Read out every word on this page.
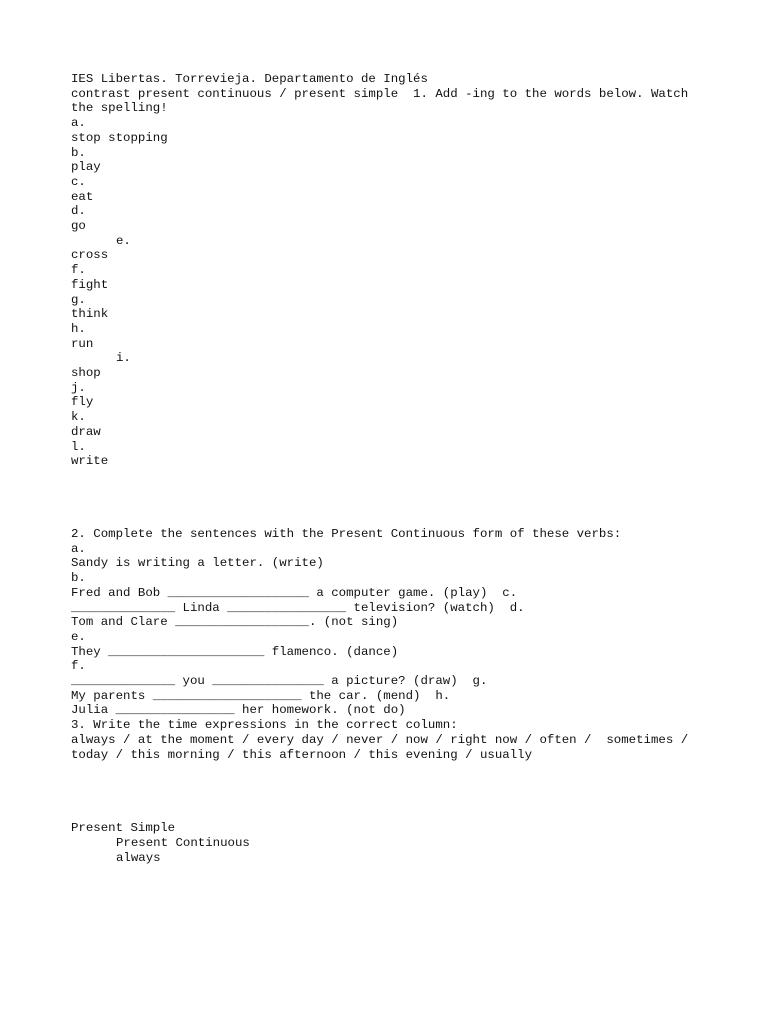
IES Libertas. Torrevieja. Departamento de Inglés
contrast present continuous / present simple  1. Add -ing to the words below. Watch the spelling!
a.
stop stopping
b.
play
c.
eat
d.
go
e.
cross
f.
fight
g.
think
h.
run
i.
shop
j.
fly
k.
draw
l.
write
2. Complete the sentences with the Present Continuous form of these verbs:
a.
Sandy is writing a letter. (write)
b.
Fred and Bob ___________________ a computer game. (play)  c.
______________ Linda ________________ television? (watch)  d.
Tom and Clare __________________. (not sing)
e.
They _____________________ flamenco. (dance)
f.
______________ you _______________ a picture? (draw)  g.
My parents ____________________ the car. (mend)  h.
Julia ________________ her homework. (not do)
3. Write the time expressions in the correct column:
always / at the moment / every day / never / now / right now / often /  sometimes / today / this morning / this afternoon / this evening / usually
Present Simple
Present Continuous
always
